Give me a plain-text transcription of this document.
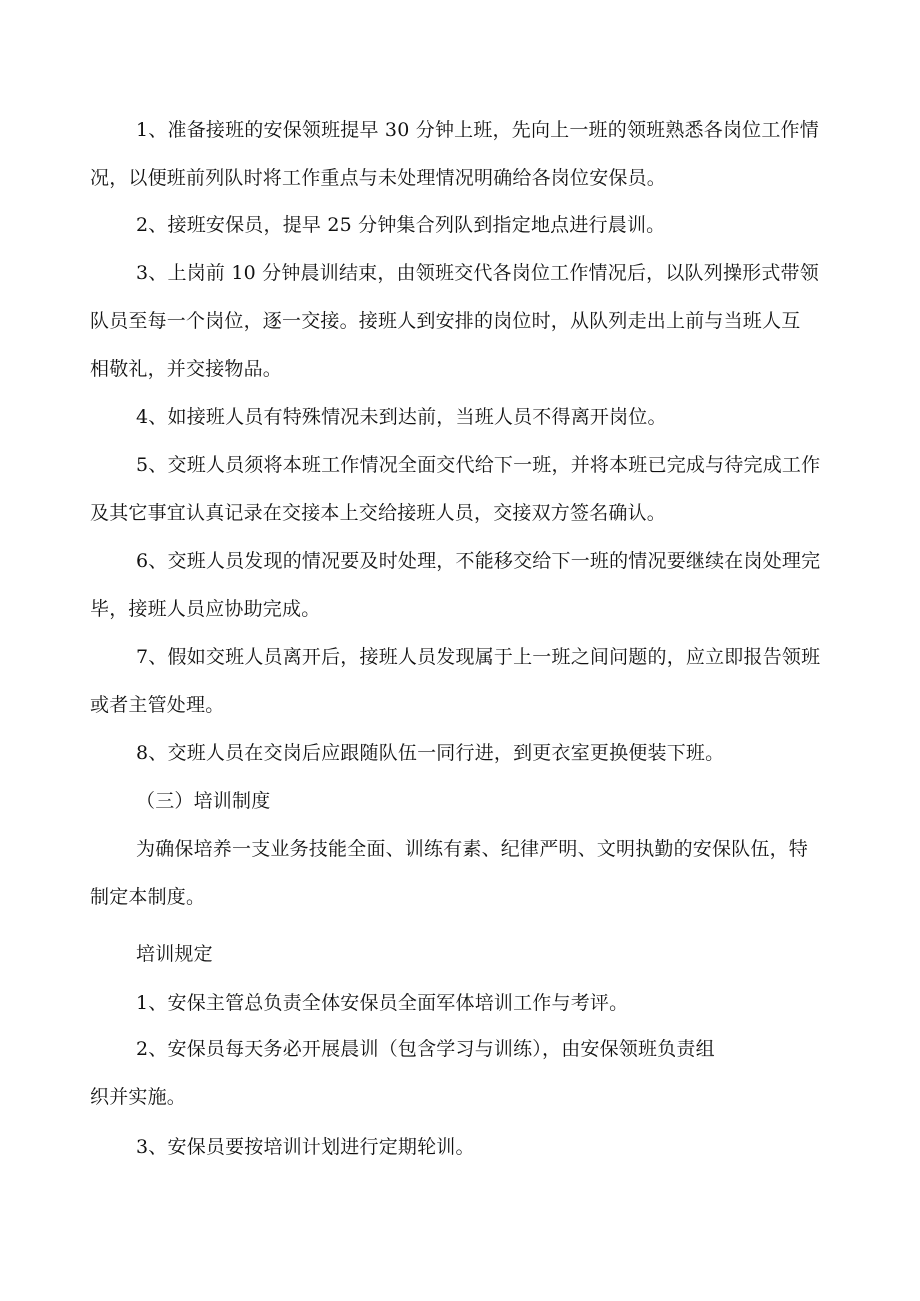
1、准备接班的安保领班提早 30 分钟上班，先向上一班的领班熟悉各岗位工作情
况，以便班前列队时将工作重点与未处理情况明确给各岗位安保员。
2、接班安保员，提早 25 分钟集合列队到指定地点进行晨训。
3、上岗前 10 分钟晨训结束，由领班交代各岗位工作情况后，以队列操形式带领
队员至每一个岗位，逐一交接。接班人到安排的岗位时，从队列走出上前与当班人互
相敬礼，并交接物品。
4、如接班人员有特殊情况未到达前，当班人员不得离开岗位。
5、交班人员须将本班工作情况全面交代给下一班，并将本班已完成与待完成工作
及其它事宜认真记录在交接本上交给接班人员，交接双方签名确认。
6、交班人员发现的情况要及时处理，不能移交给下一班的情况要继续在岗处理完
毕，接班人员应协助完成。
7、假如交班人员离开后，接班人员发现属于上一班之间问题的，应立即报告领班
或者主管处理。
8、交班人员在交岗后应跟随队伍一同行进，到更衣室更换便装下班。
（三）培训制度
为确保培养一支业务技能全面、训练有素、纪律严明、文明执勤的安保队伍，特
制定本制度。
培训规定
1、安保主管总负责全体安保员全面军体培训工作与考评。
2、安保员每天务必开展晨训（包含学习与训练），由安保领班负责组
织并实施。
3、安保员要按培训计划进行定期轮训。
